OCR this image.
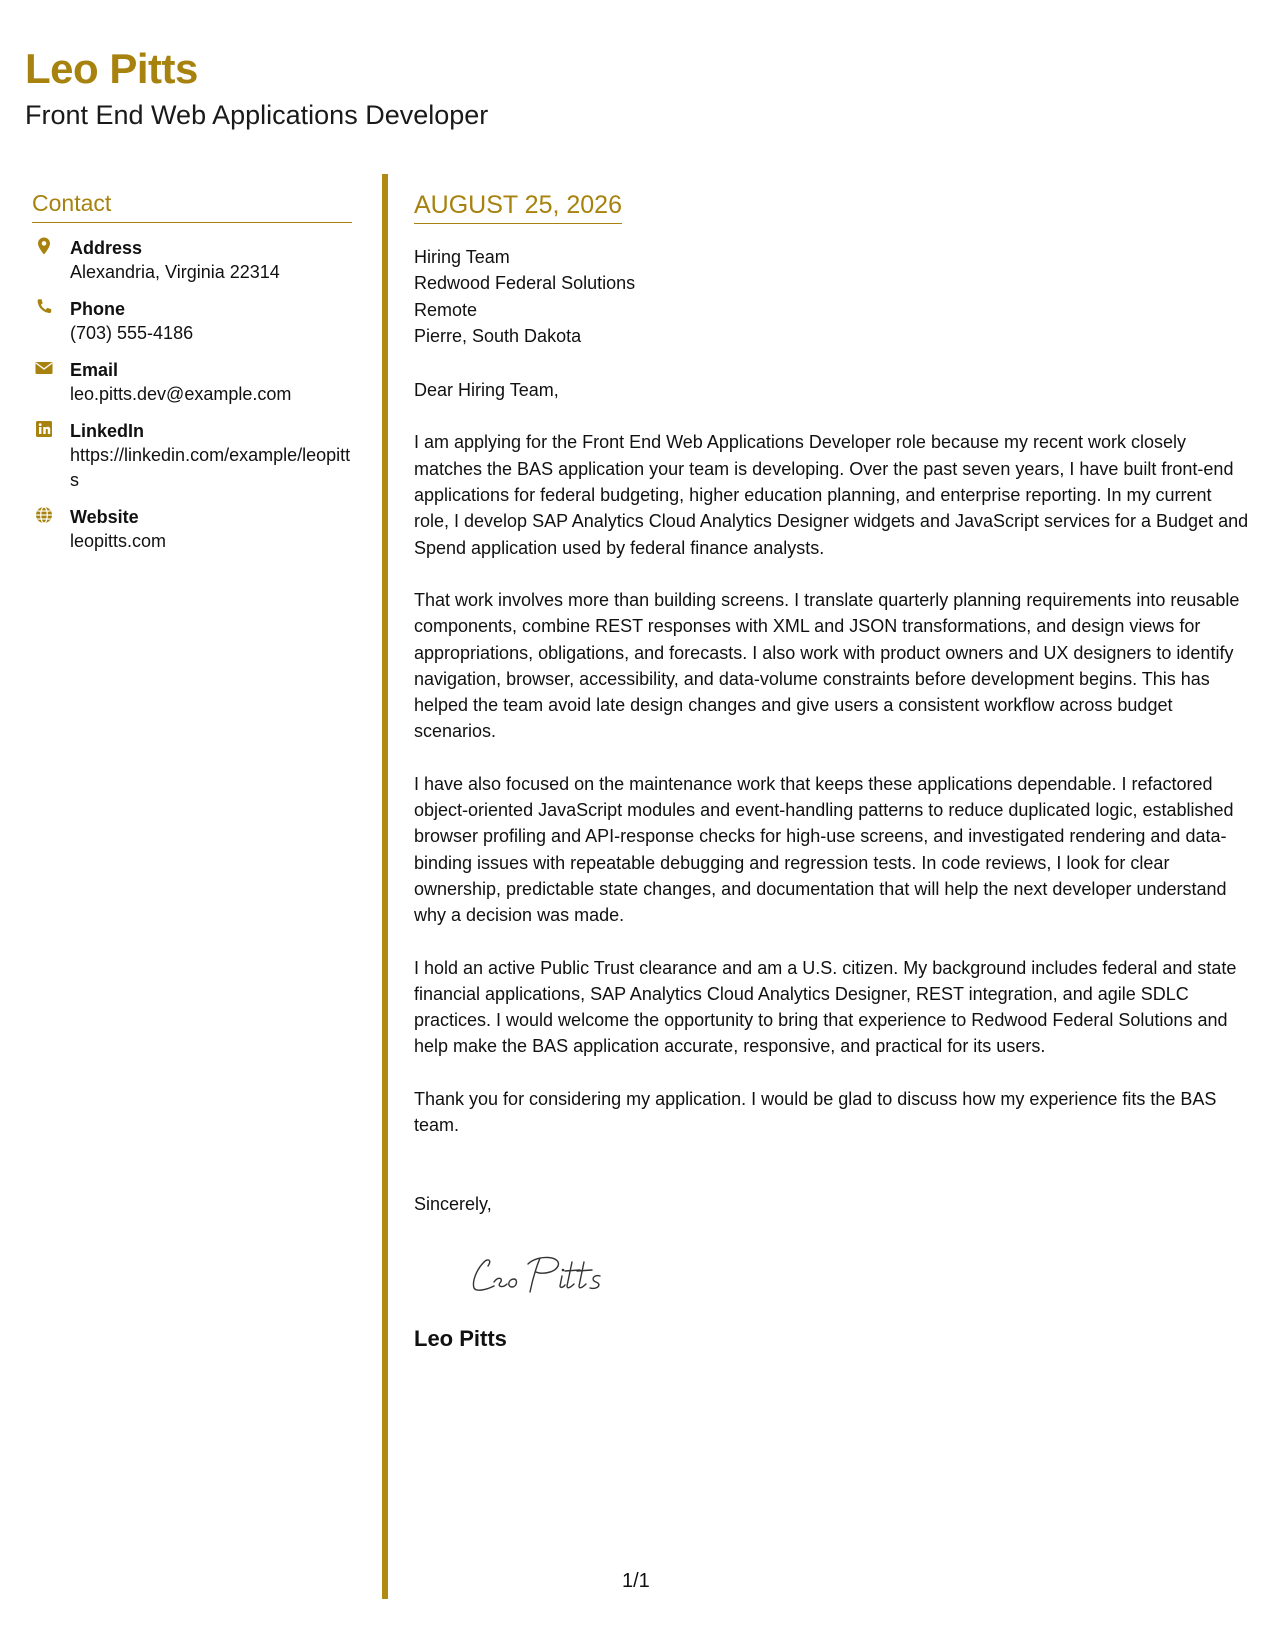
Leo Pitts
Front End Web Applications Developer
Contact
Address
Alexandria, Virginia 22314
Phone
(703) 555-4186
Email
leo.pitts.dev@example.com
LinkedIn
https://linkedin.com/example/leopitts
Website
leopitts.com
AUGUST 25, 2026
Hiring Team
Redwood Federal Solutions
Remote
Pierre, South Dakota
Dear Hiring Team,
I am applying for the Front End Web Applications Developer role because my recent work closely matches the BAS application your team is developing. Over the past seven years, I have built front-end applications for federal budgeting, higher education planning, and enterprise reporting. In my current role, I develop SAP Analytics Cloud Analytics Designer widgets and JavaScript services for a Budget and Spend application used by federal finance analysts.
That work involves more than building screens. I translate quarterly planning requirements into reusable components, combine REST responses with XML and JSON transformations, and design views for appropriations, obligations, and forecasts. I also work with product owners and UX designers to identify navigation, browser, accessibility, and data-volume constraints before development begins. This has helped the team avoid late design changes and give users a consistent workflow across budget scenarios.
I have also focused on the maintenance work that keeps these applications dependable. I refactored object-oriented JavaScript modules and event-handling patterns to reduce duplicated logic, established browser profiling and API-response checks for high-use screens, and investigated rendering and data-binding issues with repeatable debugging and regression tests. In code reviews, I look for clear ownership, predictable state changes, and documentation that will help the next developer understand why a decision was made.
I hold an active Public Trust clearance and am a U.S. citizen. My background includes federal and state financial applications, SAP Analytics Cloud Analytics Designer, REST integration, and agile SDLC practices. I would welcome the opportunity to bring that experience to Redwood Federal Solutions and help make the BAS application accurate, responsive, and practical for its users.
Thank you for considering my application. I would be glad to discuss how my experience fits the BAS team.
Sincerely,
Leo Pitts
1/1
